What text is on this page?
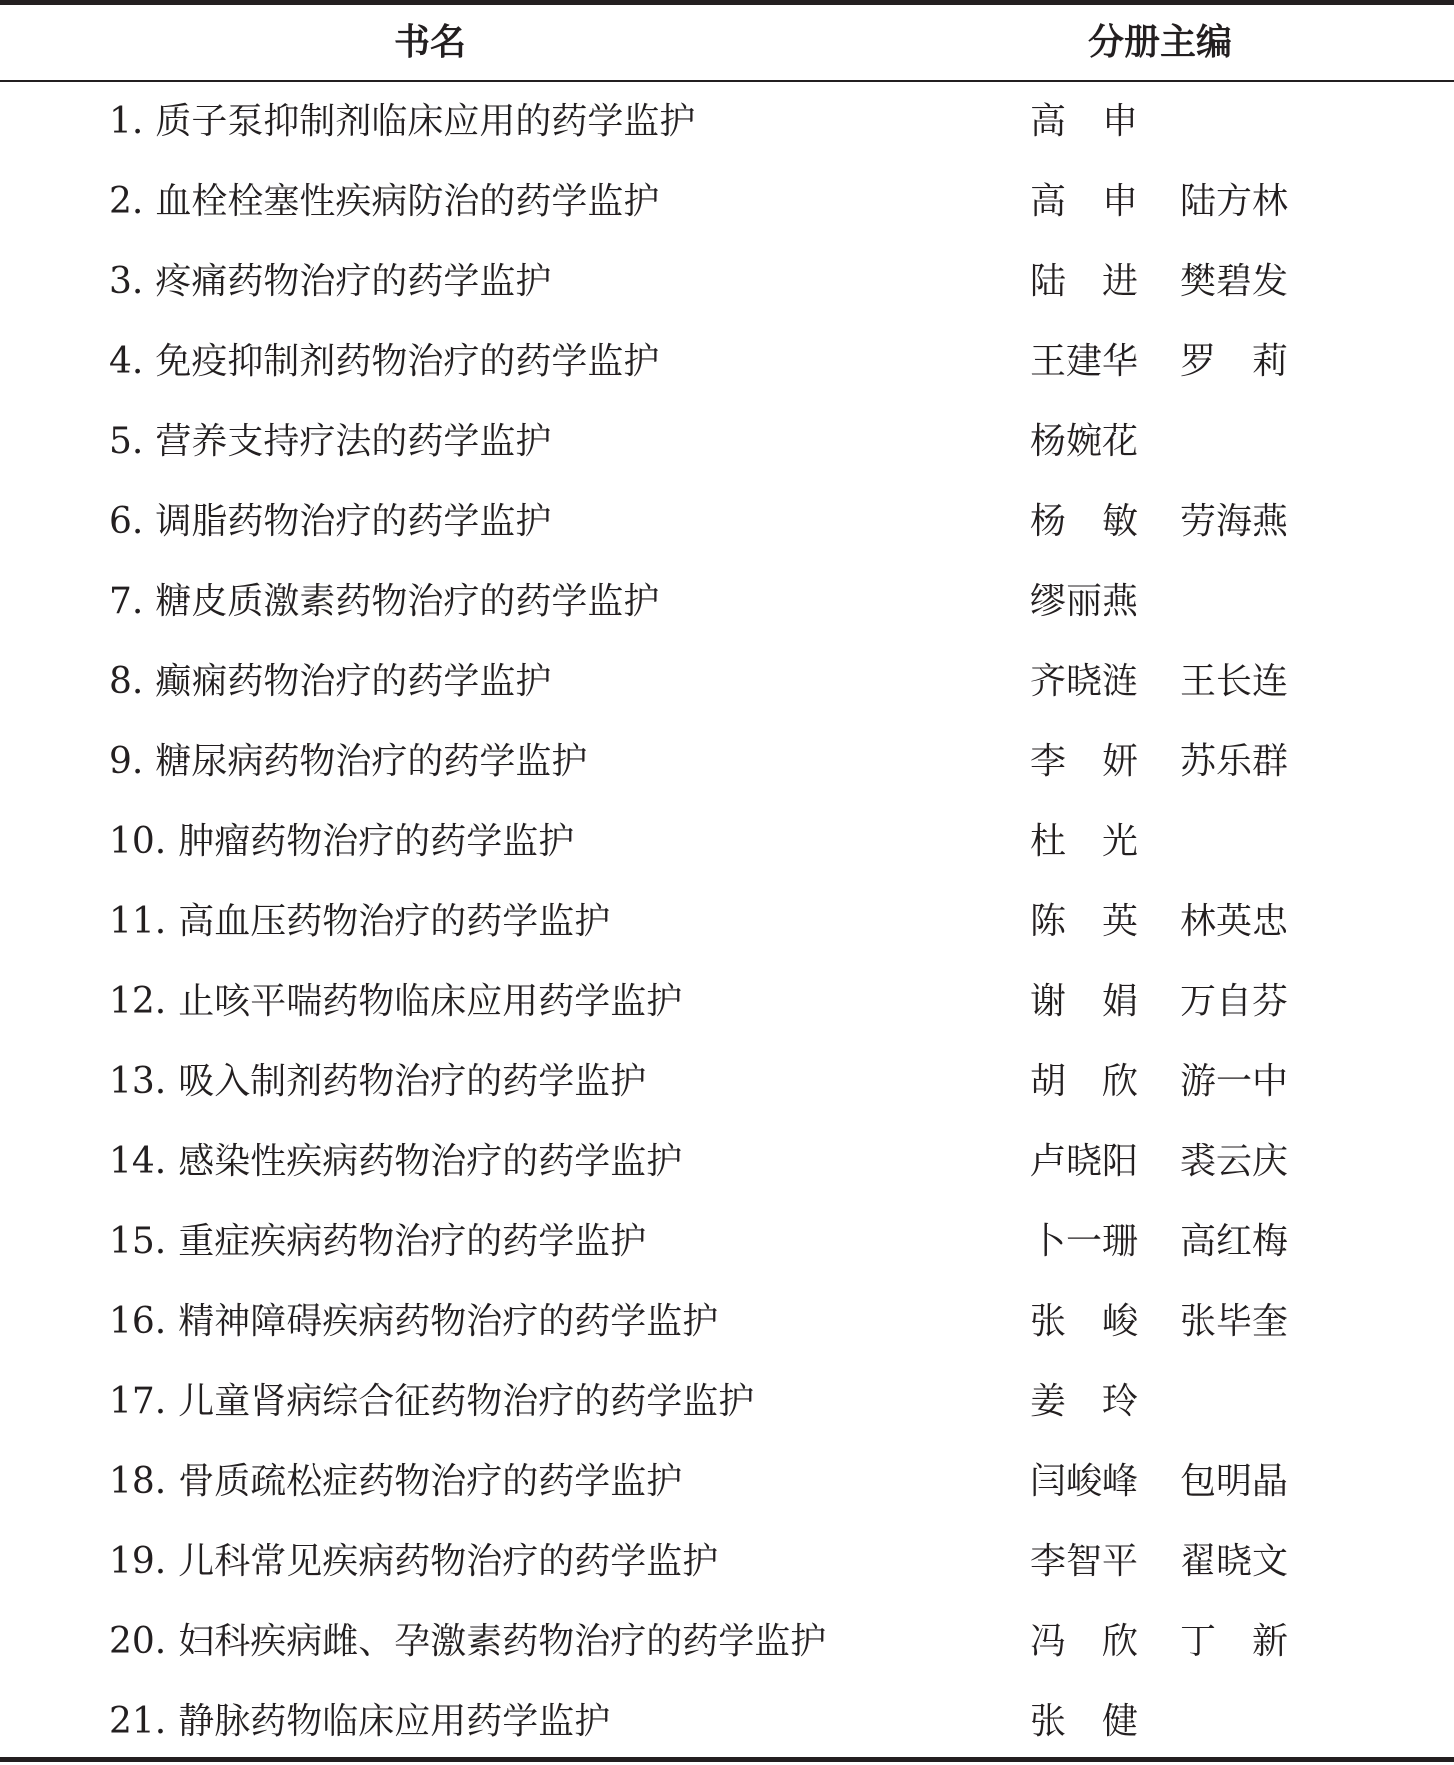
书名	分册主编
1. 质子泵抑制剂临床应用的药学监护	高　申
2. 血栓栓塞性疾病防治的药学监护	高　申 陆方林
3. 疼痛药物治疗的药学监护	陆　进 樊碧发
4. 免疫抑制剂药物治疗的药学监护	王建华 罗　莉
5. 营养支持疗法的药学监护	杨婉花
6. 调脂药物治疗的药学监护	杨　敏 劳海燕
7. 糖皮质激素药物治疗的药学监护	缪丽燕
8. 癫痫药物治疗的药学监护	齐晓涟 王长连
9. 糖尿病药物治疗的药学监护	李　妍 苏乐群
10. 肿瘤药物治疗的药学监护	杜　光
11. 高血压药物治疗的药学监护	陈　英 林英忠
12. 止咳平喘药物临床应用药学监护	谢　娟 万自芬
13. 吸入制剂药物治疗的药学监护	胡　欣 游一中
14. 感染性疾病药物治疗的药学监护	卢晓阳 裘云庆
15. 重症疾病药物治疗的药学监护	卜一珊 高红梅
16. 精神障碍疾病药物治疗的药学监护	张　峻 张毕奎
17. 儿童肾病综合征药物治疗的药学监护	姜　玲
18. 骨质疏松症药物治疗的药学监护	闫峻峰 包明晶
19. 儿科常见疾病药物治疗的药学监护	李智平 翟晓文
20. 妇科疾病雌、孕激素药物治疗的药学监护	冯　欣 丁　新
21. 静脉药物临床应用药学监护	张　健
